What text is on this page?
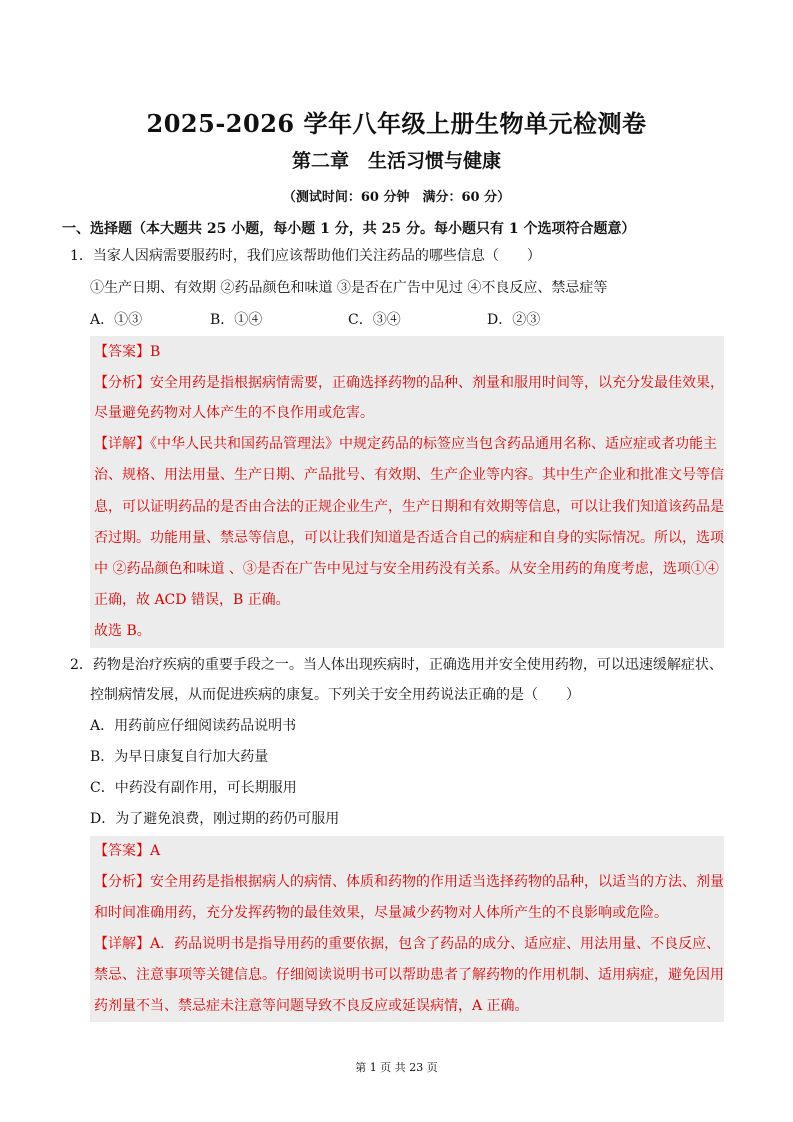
2025-2026 学年八年级上册生物单元检测卷
第二章　生活习惯与健康
（测试时间：60 分钟　满分：60 分）
一、选择题（本大题共 25 小题，每小题 1 分，共 25 分。每小题只有 1 个选项符合题意）
1．当家人因病需要服药时，我们应该帮助他们关注药品的哪些信息（　　）
①生产日期、有效期 ②药品颜色和味道 ③是否在广告中见过 ④不良反应、禁忌症等
A．①③	B．①④	C．③④	D．②③
【答案】B
【分析】安全用药是指根据病情需要，正确选择药物的品种、剂量和服用时间等，以充分发最佳效果，
尽量避免药物对人体产生的不良作用或危害。
【详解】《中华人民共和国药品管理法》中规定药品的标签应当包含药品通用名称、适应症或者功能主
治、规格、用法用量、生产日期、产品批号、有效期、生产企业等内容。其中生产企业和批准文号等信
息，可以证明药品的是否由合法的正规企业生产，生产日期和有效期等信息，可以让我们知道该药品是
否过期。功能用量、禁忌等信息，可以让我们知道是否适合自己的病症和自身的实际情况。所以，选项
中 ②药品颜色和味道 、③是否在广告中见过与安全用药没有关系。从安全用药的角度考虑，选项①④
正确，故 ACD 错误，B 正确。
故选 B。
2．药物是治疗疾病的重要手段之一。当人体出现疾病时，正确选用并安全使用药物，可以迅速缓解症状、
控制病情发展，从而促进疾病的康复。下列关于安全用药说法正确的是（　　）
A．用药前应仔细阅读药品说明书
B．为早日康复自行加大药量
C．中药没有副作用，可长期服用
D．为了避免浪费，刚过期的药仍可服用
【答案】A
【分析】安全用药是指根据病人的病情、体质和药物的作用适当选择药物的品种，以适当的方法、剂量
和时间准确用药，充分发挥药物的最佳效果，尽量减少药物对人体所产生的不良影响或危险。
【详解】A．药品说明书是指导用药的重要依据，包含了药品的成分、适应症、用法用量、不良反应、
禁忌、注意事项等关键信息。仔细阅读说明书可以帮助患者了解药物的作用机制、适用病症，避免因用
药剂量不当、禁忌症未注意等问题导致不良反应或延误病情，A 正确。
第 1 页 共 23 页
